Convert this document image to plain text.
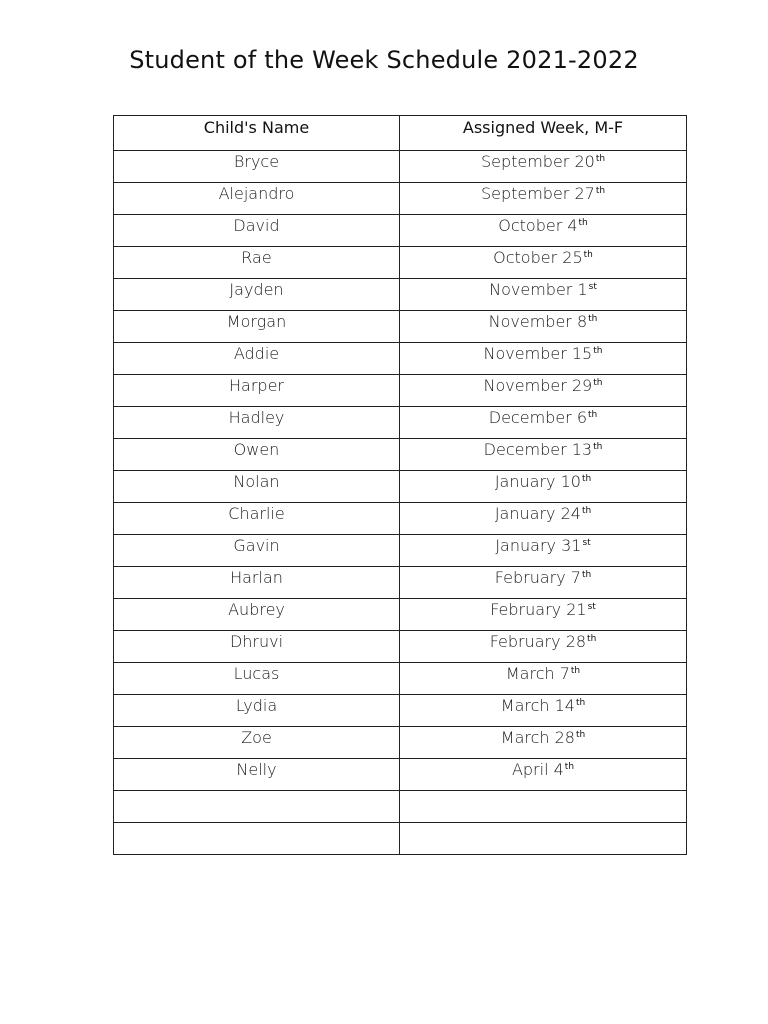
Student of the Week Schedule 2021-2022
Child's Name	Assigned Week, M-F
Bryce	September 20th
Alejandro	September 27th
David	October 4th
Rae	October 25th
Jayden	November 1st
Morgan	November 8th
Addie	November 15th
Harper	November 29th
Hadley	December 6th
Owen	December 13th
Nolan	January 10th
Charlie	January 24th
Gavin	January 31st
Harlan	February 7th
Aubrey	February 21st
Dhruvi	February 28th
Lucas	March 7th
Lydia	March 14th
Zoe	March 28th
Nelly	April 4th
